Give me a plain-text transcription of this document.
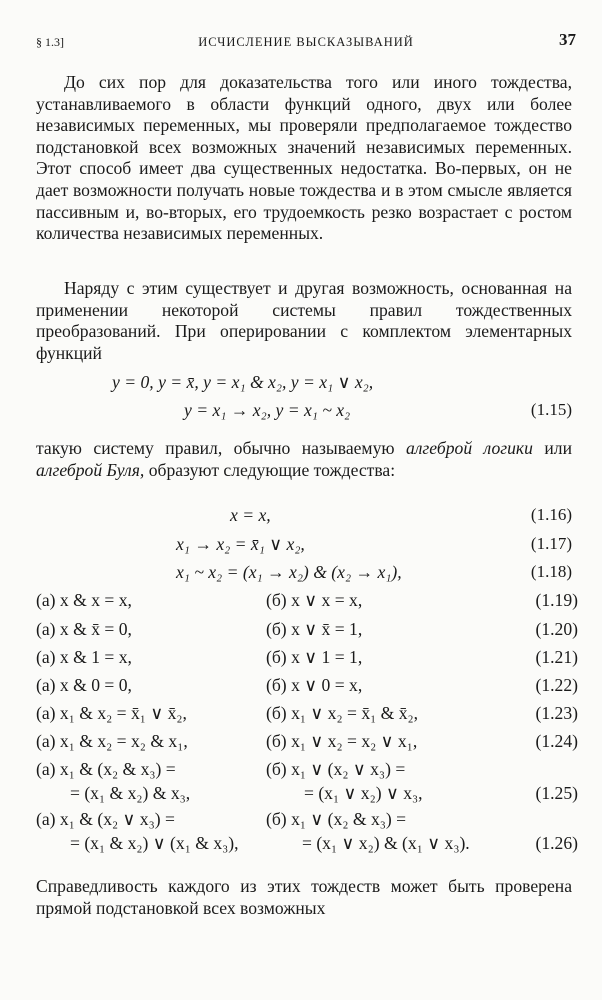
§ 1.3]	ИСЧИСЛЕНИЕ ВЫСКАЗЫВАНИЙ	37
До сих пор для доказательства того или иного тождества, устанавливаемого в области функций одного, двух или более независимых переменных, мы проверяли предполагаемое тождество подстановкой всех возможных значений независимых переменных. Этот способ имеет два существенных недостатка. Во-первых, он не дает возможности получать новые тождества и в этом смысле является пассивным и, во-вторых, его трудоемкость резко возрастает с ростом количества независимых переменных.
Наряду с этим существует и другая возможность, основанная на применении некоторой системы правил тождественных преобразований. При оперировании с комплектом элементарных функций
y = 0, y = x̄, y = x₁ & x₂, y = x₁ ∨ x₂,
y = x₁ → x₂, y = x₁ ~ x₂	(1.15)
такую систему правил, обычно называемую алгеброй логики или алгеброй Буля, образуют следующие тождества:
x = x,	(1.16)
x₁ → x₂ = x̄₁ ∨ x₂,	(1.17)
x₁ ~ x₂ = (x₁ → x₂) & (x₂ → x₁),	(1.18)
(а) x & x = x,	(б) x ∨ x = x,	(1.19)
(а) x & x̄ = 0,	(б) x ∨ x̄ = 1,	(1.20)
(а) x & 1 = x,	(б) x ∨ 1 = 1,	(1.21)
(а) x & 0 = 0,	(б) x ∨ 0 = x,	(1.22)
(а) x₁ & x₂ = x̄₁ ∨ x̄₂,	(б) x₁ ∨ x₂ = x̄₁ & x̄₂,	(1.23)
(а) x₁ & x₂ = x₂ & x₁,	(б) x₁ ∨ x₂ = x₂ ∨ x₁,	(1.24)
(а) x₁ & (x₂ & x₃) =	(б) x₁ ∨ (x₂ ∨ x₃) =
= (x₁ & x₂) & x₃,	= (x₁ ∨ x₂) ∨ x₃,	(1.25)
(а) x₁ & (x₂ ∨ x₃) =	(б) x₁ ∨ (x₂ & x₃) =
= (x₁ & x₂) ∨ (x₁ & x₃),	= (x₁ ∨ x₂) & (x₁ ∨ x₃).	(1.26)
Справедливость каждого из этих тождеств может быть проверена прямой подстановкой всех возможных
